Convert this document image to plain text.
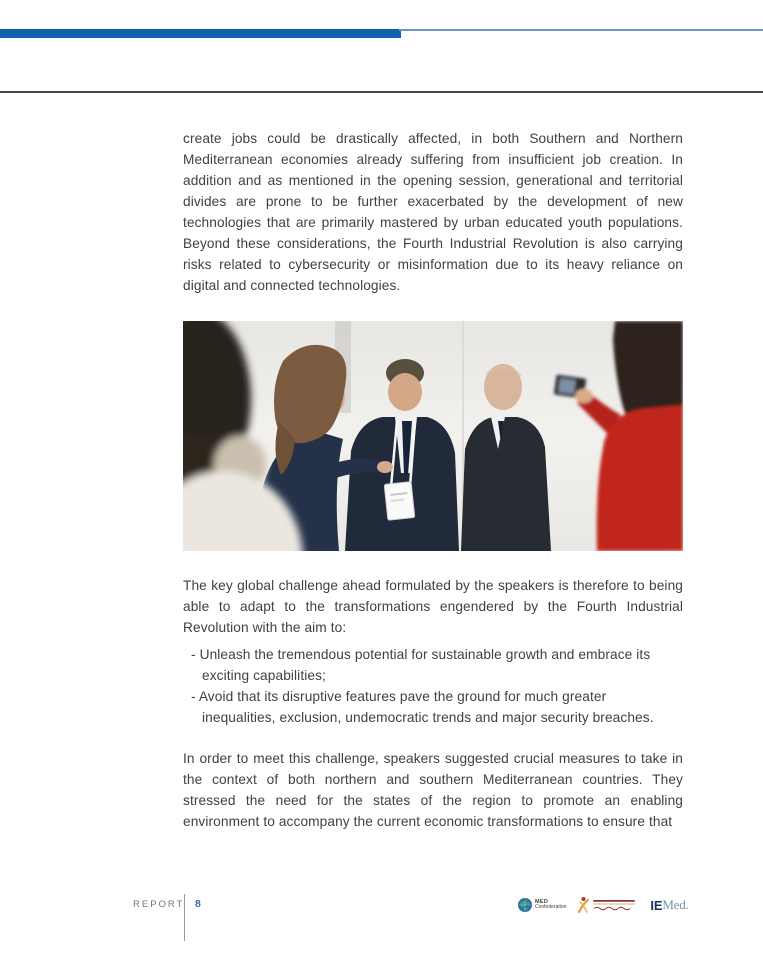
create jobs could be drastically affected, in both Southern and Northern Mediterranean economies already suffering from insufficient job creation. In addition and as mentioned in the opening session, generational and territorial divides are prone to be further exacerbated by the development of new technologies that are primarily mastered by urban educated youth populations. Beyond these considerations, the Fourth Industrial Revolution is also carrying risks related to cybersecurity or misinformation due to its heavy reliance on digital and connected technologies.

The key global challenge ahead formulated by the speakers is therefore to being able to adapt to the transformations engendered by the Fourth Industrial Revolution with the aim to:

- Unleash the tremendous potential for sustainable growth and embrace its exciting capabilities;

- Avoid that its disruptive features pave the ground for much greater inequalities, exclusion, undemocratic trends and major security breaches.

In order to meet this challenge, speakers suggested crucial measures to take in the context of both northern and southern Mediterranean countries. They stressed the need for the states of the region to promote an enabling environment to accompany the current economic transformations to ensure that

REPORT 8	MED
Confederation	IE Med.
